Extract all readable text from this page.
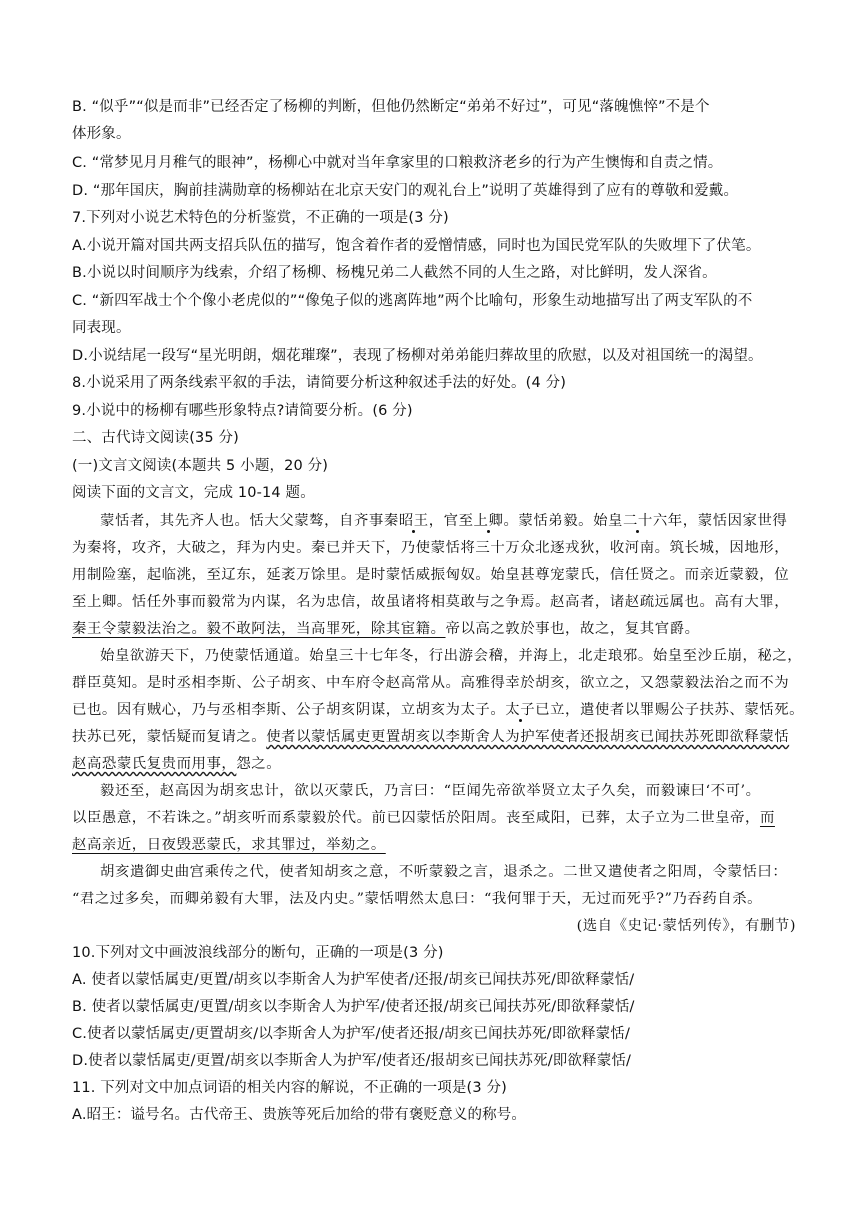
B. “似乎”“似是而非”已经否定了杨柳的判断，但他仍然断定“弟弟不好过”，可见“落魄憔悴”不是个
体形象。
C. “常梦见月月稚气的眼神”，杨柳心中就对当年拿家里的口粮救济老乡的行为产生懊悔和自责之情。
D. “那年国庆，胸前挂满勋章的杨柳站在北京天安门的观礼台上”说明了英雄得到了应有的尊敬和爱戴。
7.下列对小说艺术特色的分析鉴赏，不正确的一项是(3 分)
A.小说开篇对国共两支招兵队伍的描写，饱含着作者的爱憎情感，同时也为国民党军队的失败埋下了伏笔。
B.小说以时间顺序为线索，介绍了杨柳、杨槐兄弟二人截然不同的人生之路，对比鲜明，发人深省。
C. “新四军战士个个像小老虎似的”“像兔子似的逃离阵地”两个比喻句，形象生动地描写出了两支军队的不
同表现。
D.小说结尾一段写“星光明朗，烟花璀璨”，表现了杨柳对弟弟能归葬故里的欣慰，以及对祖国统一的渴望。
8.小说采用了两条线索平叙的手法，请简要分析这种叙述手法的好处。(4 分)
9.小说中的杨柳有哪些形象特点?请简要分析。(6 分)
二、古代诗文阅读(35 分)
(一)文言文阅读(本题共 5 小题，20 分)
阅读下面的文言文，完成 10-14 题。
蒙恬者，其先齐人也。恬大父蒙骜，自齐事秦昭王，官至上卿。蒙恬弟毅。始皇二十六年，蒙恬因家世得
为秦将，攻齐，大破之，拜为内史。秦已并天下，乃使蒙恬将三十万众北逐戎狄，收河南。筑长城，因地形，
用制险塞，起临洮，至辽东，延袤万馀里。是时蒙恬威振匈奴。始皇甚尊宠蒙氏，信任贤之。而亲近蒙毅，位
至上卿。恬任外事而毅常为内谋，名为忠信，故虽诸将相莫敢与之争焉。赵高者，诸赵疏远属也。高有大罪，
秦王令蒙毅法治之。毅不敢阿法，当高罪死，除其宦籍。帝以高之敦於事也，故之，复其官爵。
始皇欲游天下，乃使蒙恬通道。始皇三十七年冬，行出游会稽，并海上，北走琅邪。始皇至沙丘崩，秘之，
群臣莫知。是时丞相李斯、公子胡亥、中车府令赵高常从。高雅得幸於胡亥，欲立之，又怨蒙毅法治之而不为
已也。因有贼心，乃与丞相李斯、公子胡亥阴谋，立胡亥为太子。太子已立，遣使者以罪赐公子扶苏、蒙恬死。
扶苏已死，蒙恬疑而复请之。使者以蒙恬属吏更置胡亥以李斯舍人为护军使者还报胡亥已闻扶苏死即欲释蒙恬
赵高恐蒙氏复贵而用事，怨之。
毅还至，赵高因为胡亥忠计，欲以灭蒙氏，乃言曰：“臣闻先帝欲举贤立太子久矣，而毅谏曰‘不可’。
以臣愚意，不若诛之。”胡亥听而系蒙毅於代。前已囚蒙恬於阳周。丧至咸阳，已葬，太子立为二世皇帝，而
赵高亲近，日夜毁恶蒙氏，求其罪过，举劾之。
胡亥遣御史曲宫乘传之代，使者知胡亥之意，不听蒙毅之言，退杀之。二世又遣使者之阳周，令蒙恬曰：
“君之过多矣，而卿弟毅有大罪，法及内史。”蒙恬喟然太息曰：“我何罪于天，无过而死乎?”乃吞药自杀。
(选自《史记·蒙恬列传》，有删节)
10.下列对文中画波浪线部分的断句，正确的一项是(3 分)
A. 使者以蒙恬属吏/更置/胡亥以李斯舍人为护军使者/还报/胡亥已闻扶苏死/即欲释蒙恬/
B. 使者以蒙恬属吏/更置/胡亥以李斯舍人为护军/使者还报/胡亥已闻扶苏死/即欲释蒙恬/
C.使者以蒙恬属吏/更置胡亥/以李斯舍人为护军/使者还报/胡亥已闻扶苏死/即欲释蒙恬/
D.使者以蒙恬属吏/更置/胡亥以李斯舍人为护军/使者还/报胡亥已闻扶苏死/即欲释蒙恬/
11. 下列对文中加点词语的相关内容的解说，不正确的一项是(3 分)
A.昭王：谥号名。古代帝王、贵族等死后加给的带有褒贬意义的称号。
